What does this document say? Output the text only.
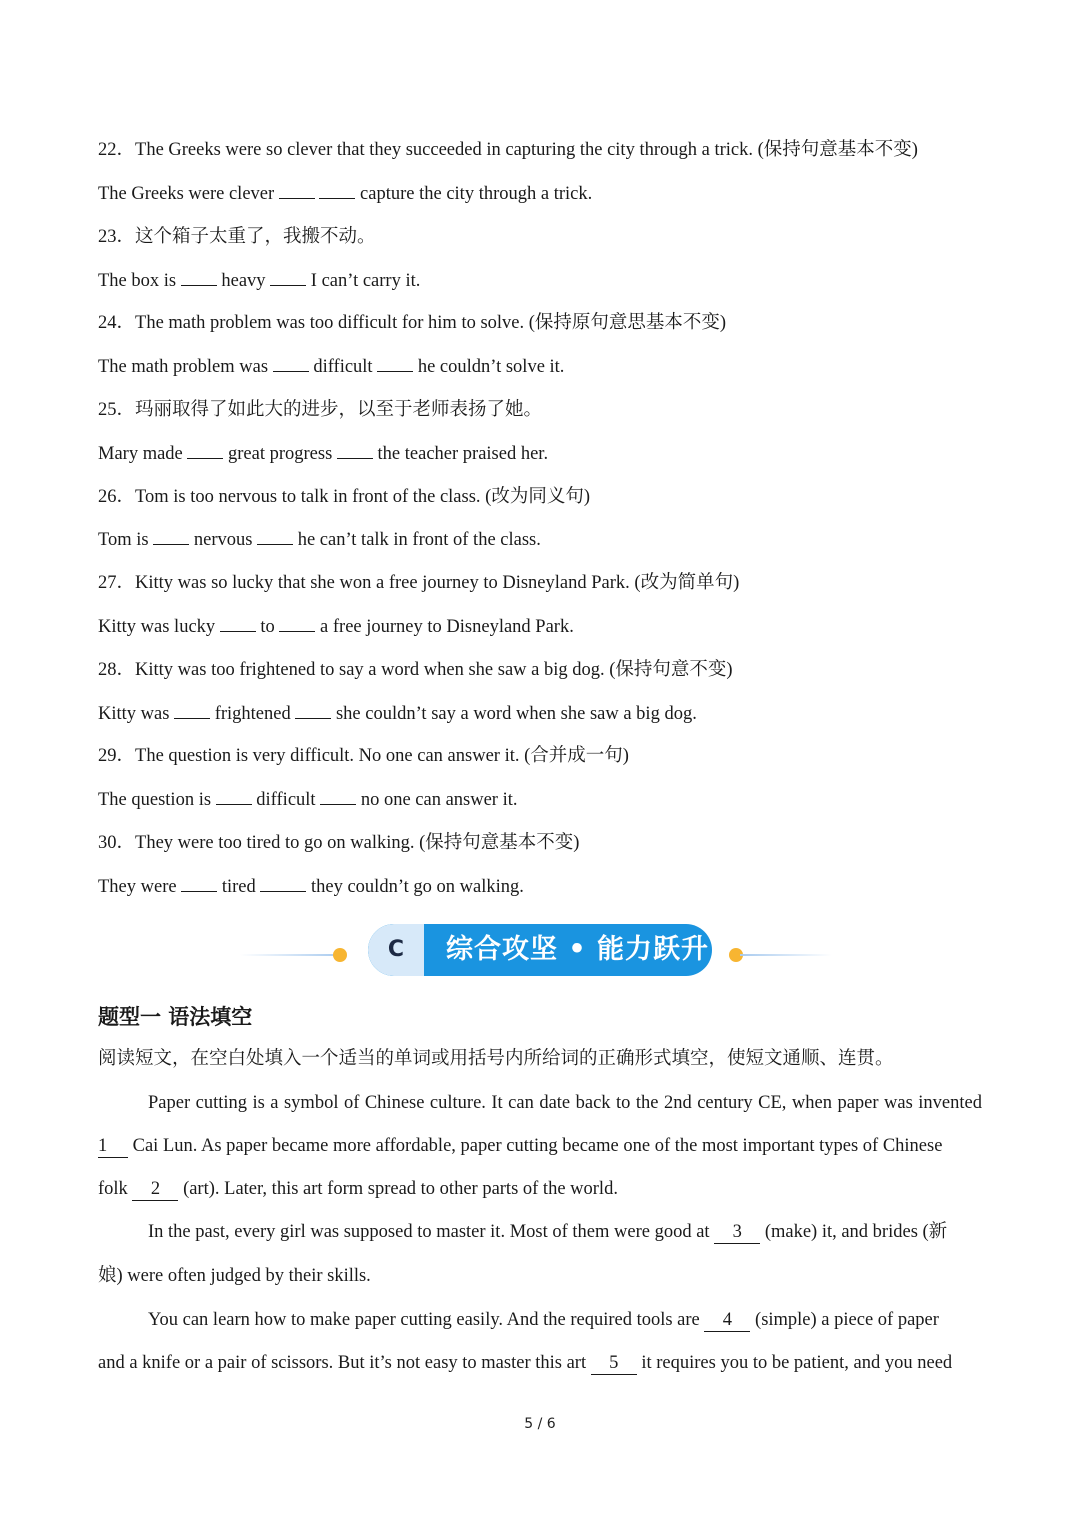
22．The Greeks were so clever that they succeeded in capturing the city through a trick. (保持句意基本不变)
The Greeks were clever	capture the city through a trick.
23．这个箱子太重了，我搬不动。
The box is  heavy  I can’t carry it.
24．The math problem was too difficult for him to solve. (保持原句意思基本不变)
The math problem was  difficult  he couldn’t solve it.
25．玛丽取得了如此大的进步，以至于老师表扬了她。
Mary made  great progress  the teacher praised her.
26．Tom is too nervous to talk in front of the class. (改为同义句)
Tom is  nervous  he can’t talk in front of the class.
27．Kitty was so lucky that she won a free journey to Disneyland Park. (改为简单句)
Kitty was lucky  to  a free journey to Disneyland Park.
28．Kitty was too frightened to say a word when she saw a big dog. (保持句意不变)
Kitty was  frightened  she couldn’t say a word when she saw a big dog.
29．The question is very difficult. No one can answer it. (合并成一句)
The question is  difficult  no one can answer it.
30．They were too tired to go on walking. (保持句意基本不变)
They were  tired  they couldn’t go on walking.
C	综合攻坚 • 能力跃升
题型一 语法填空
阅读短文，在空白处填入一个适当的单词或用括号内所给词的正确形式填空，使短文通顺、连贯。
Paper cutting is a symbol of Chinese culture. It can date back to the 2nd century CE, when paper was invented
1 Cai Lun. As paper became more affordable, paper cutting became one of the most important types of Chinese
folk 2 (art). Later, this art form spread to other parts of the world.
In the past, every girl was supposed to master it. Most of them were good at 3 (make) it, and brides (新
娘) were often judged by their skills.
You can learn how to make paper cutting easily. And the required tools are 4 (simple) a piece of paper
and a knife or a pair of scissors. But it’s not easy to master this art 5 it requires you to be patient, and you need
5 / 6
